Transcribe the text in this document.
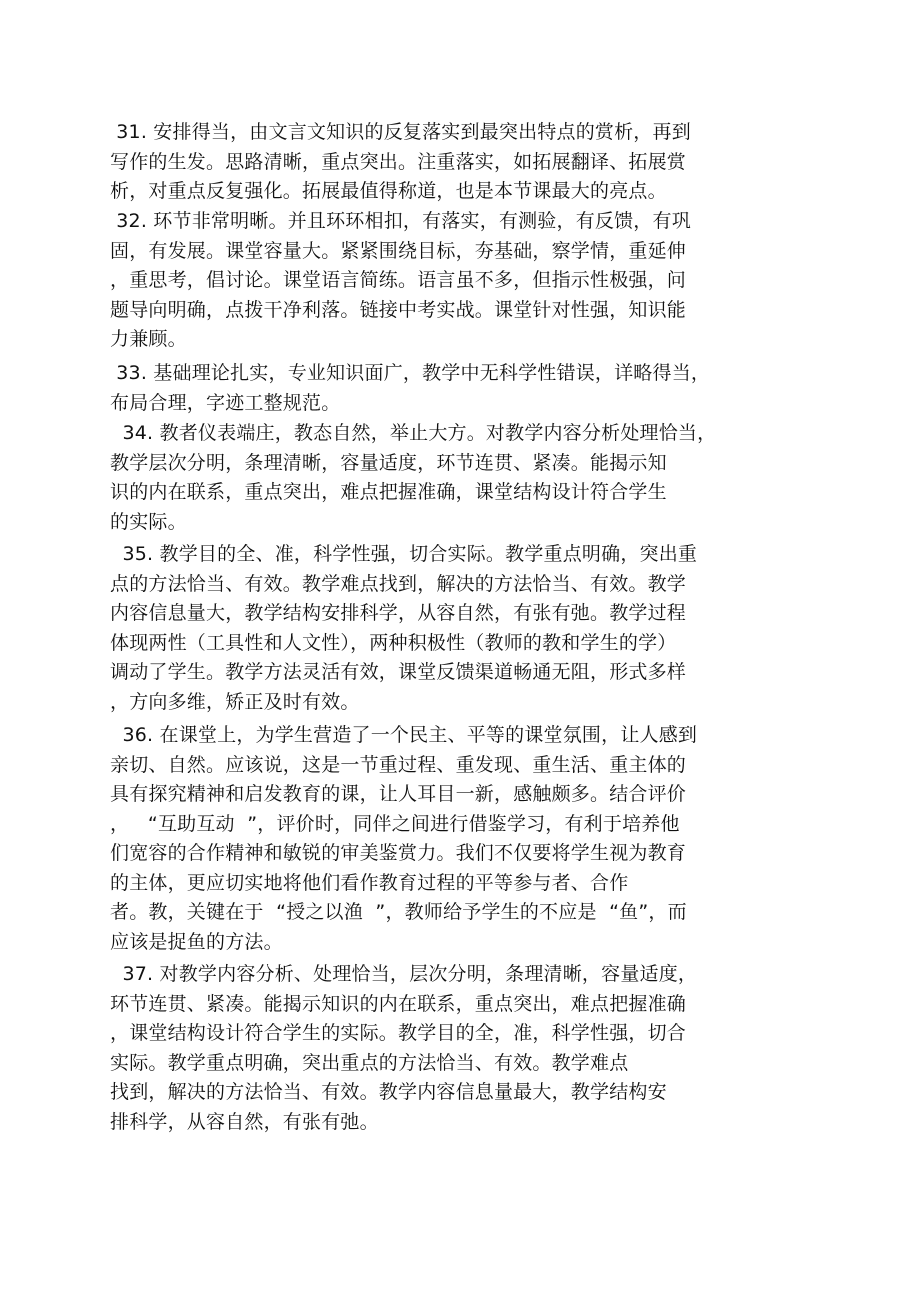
31. 安排得当，由文言文知识的反复落实到最突出特点的赏析，再到
写作的生发。思路清晰，重点突出。注重落实，如拓展翻译、拓展赏
析，对重点反复强化。拓展最值得称道，也是本节课最大的亮点。
32. 环节非常明晰。并且环环相扣，有落实，有测验，有反馈，有巩
固，有发展。课堂容量大。紧紧围绕目标，夯基础，察学情，重延伸
，重思考，倡讨论。课堂语言简练。语言虽不多，但指示性极强，问
题导向明确，点拨干净利落。链接中考实战。课堂针对性强，知识能
力兼顾。
33. 基础理论扎实，专业知识面广，教学中无科学性错误，详略得当，
布局合理，字迹工整规范。
34. 教者仪表端庄，教态自然，举止大方。对教学内容分析处理恰当，
教学层次分明，条理清晰，容量适度，环节连贯、紧凑。能揭示知
识的内在联系，重点突出，难点把握准确，课堂结构设计符合学生
的实际。
35. 教学目的全、准，科学性强，切合实际。教学重点明确，突出重
点的方法恰当、有效。教学难点找到，解决的方法恰当、有效。教学
内容信息量大，教学结构安排科学，从容自然，有张有弛。教学过程
体现两性（工具性和人文性），两种积极性（教师的教和学生的学）
调动了学生。教学方法灵活有效，课堂反馈渠道畅通无阻，形式多样
，方向多维，矫正及时有效。
36. 在课堂上，为学生营造了一个民主、平等的课堂氛围，让人感到
亲切、自然。应该说，这是一节重过程、重发现、重生活、重主体的
具有探究精神和启发教育的课，让人耳目一新，感触颇多。结合评价
，   “互助互动  ”，评价时，同伴之间进行借鉴学习，有利于培养他
们宽容的合作精神和敏锐的审美鉴赏力。我们不仅要将学生视为教育
的主体，更应切实地将他们看作教育过程的平等参与者、合作
者。教，关键在于  “授之以渔  ”，教师给予学生的不应是  “鱼”，而
应该是捉鱼的方法。
37. 对教学内容分析、处理恰当，层次分明，条理清晰，容量适度，
环节连贯、紧凑。能揭示知识的内在联系，重点突出，难点把握准确
，课堂结构设计符合学生的实际。教学目的全，准，科学性强，切合
实际。教学重点明确，突出重点的方法恰当、有效。教学难点
找到，解决的方法恰当、有效。教学内容信息量最大，教学结构安
排科学，从容自然，有张有弛。
